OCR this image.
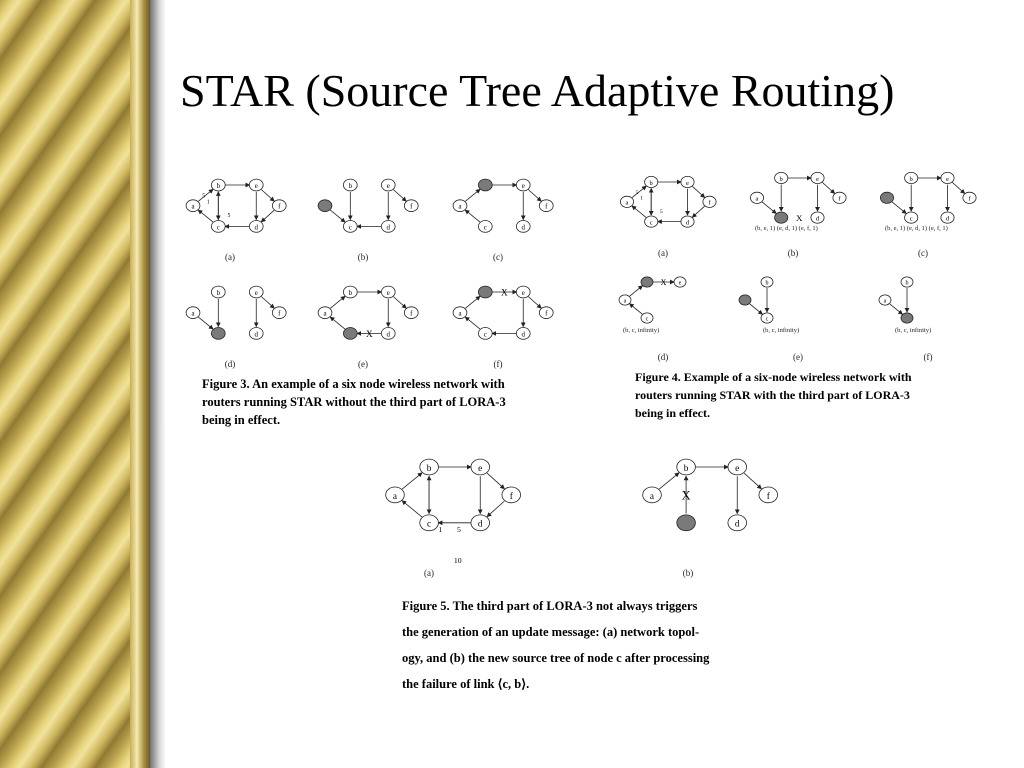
STAR (Source Tree Adaptive Routing)
a
b
c	d
e
f
5
1
5
b
c	d
e
f	a
c	d
e
f
a
b
d
e
f	a
b
d
e
f
X
a
c	d
e
f
X
(a)	(b)	(c)
(d)	(e)	(f)
Figure 3. An example of a six node wireless network with
routers running STAR without the third part of LORA-3
being in effect.
a
b
c	d
e
f
5
1
5
a
b
d
e
f
X
b
c	d
e
f
a
e
c
X	b
c
a
b
(b, e, 1) (e, d, 1) (e, f, 1)	(b, e, 1) (e, d, 1) (e, f, 1)
(b, c, infinity)	(b, c, infinity)	(b, c, infinity)
(a)	(b)	(c)
(d)	(e)	(f)
Figure 4. Example of a six-node wireless network with
routers running STAR with the third part of LORA-3
being in effect.
a
b
c	d
e
f
1 5
10
a
b
d
e
f
X
(a)	(b)
Figure 5. The third part of LORA-3 not always triggers
the generation of an update message: (a) network topol-
ogy, and (b) the new source tree of node c after processing
the failure of link ⟨c, b⟩.
